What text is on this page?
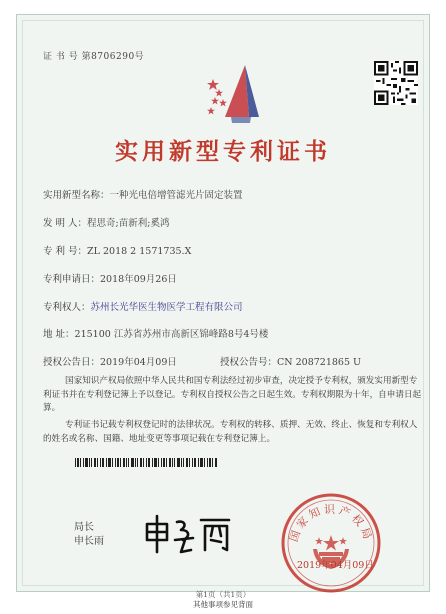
证 书 号 第8706290号
实用新型专利证书
实用新型名称：一种光电倍增管滤光片固定装置
发 明 人：程思奇;苗新利;奚鸿
专 利 号：ZL 2018 2 1571735.X
专利申请日：2018年09月26日
专利权人：苏州长光华医生物医学工程有限公司
地 址：215100 江苏省苏州市高新区锦峰路8号4号楼
授权公告日：2019年04月09日	授权公告号：CN 208721865 U
国家知识产权局依照中华人民共和国专利法经过初步审查，决定授予专利权，颁发实用新型专利证书并在专利登记簿上予以登记。专利权自授权公告之日起生效。专利权期限为十年，自申请日起算。
专利证书记载专利权登记时的法律状况。专利权的转移、质押、无效、终止、恢复和专利权人的姓名或名称、国籍、地址变更等事项记载在专利登记簿上。
局长
申长雨	国家知识产权局
2019年04月09日
第1页（共1页）
其他事项参见背面
